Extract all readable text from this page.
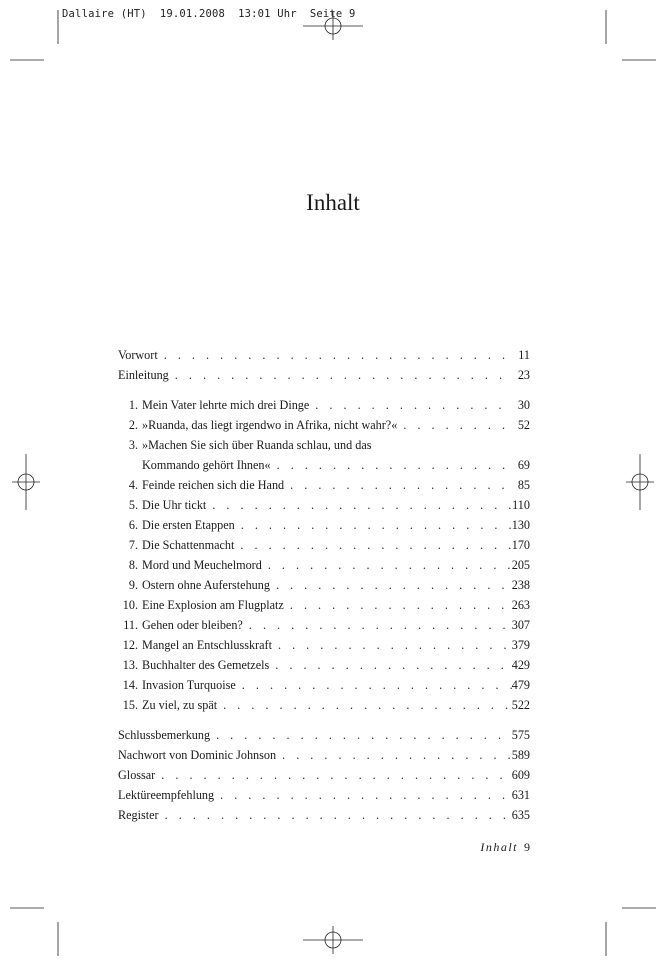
Dallaire (HT)  19.01.2008  13:01 Uhr  Seite 9
Inhalt
Vorwort . . .	11
Einleitung . . .	23
1. Mein Vater lehrte mich drei Dinge . . .	30
2. »Ruanda, das liegt irgendwo in Afrika, nicht wahr?« . . .	52
3. »Machen Sie sich über Ruanda schlau, und das
Kommando gehört Ihnen« . . .	69
4. Feinde reichen sich die Hand . . .	85
5. Die Uhr tickt . . .	110
6. Die ersten Etappen . . .	130
7. Die Schattenmacht . . .	170
8. Mord und Meuchelmord . . .	205
9. Ostern ohne Auferstehung . . .	238
10. Eine Explosion am Flugplatz . . .	263
11. Gehen oder bleiben? . . .	307
12. Mangel an Entschlusskraft . . .	379
13. Buchhalter des Gemetzels . . .	429
14. Invasion Turquoise . . .	479
15. Zu viel, zu spät . . .	522
Schlussbemerkung . . .	575
Nachwort von Dominic Johnson . . .	589
Glossar . . .	609
Lektüreempfehlung . . .	631
Register . . .	635
Inhalt 9
